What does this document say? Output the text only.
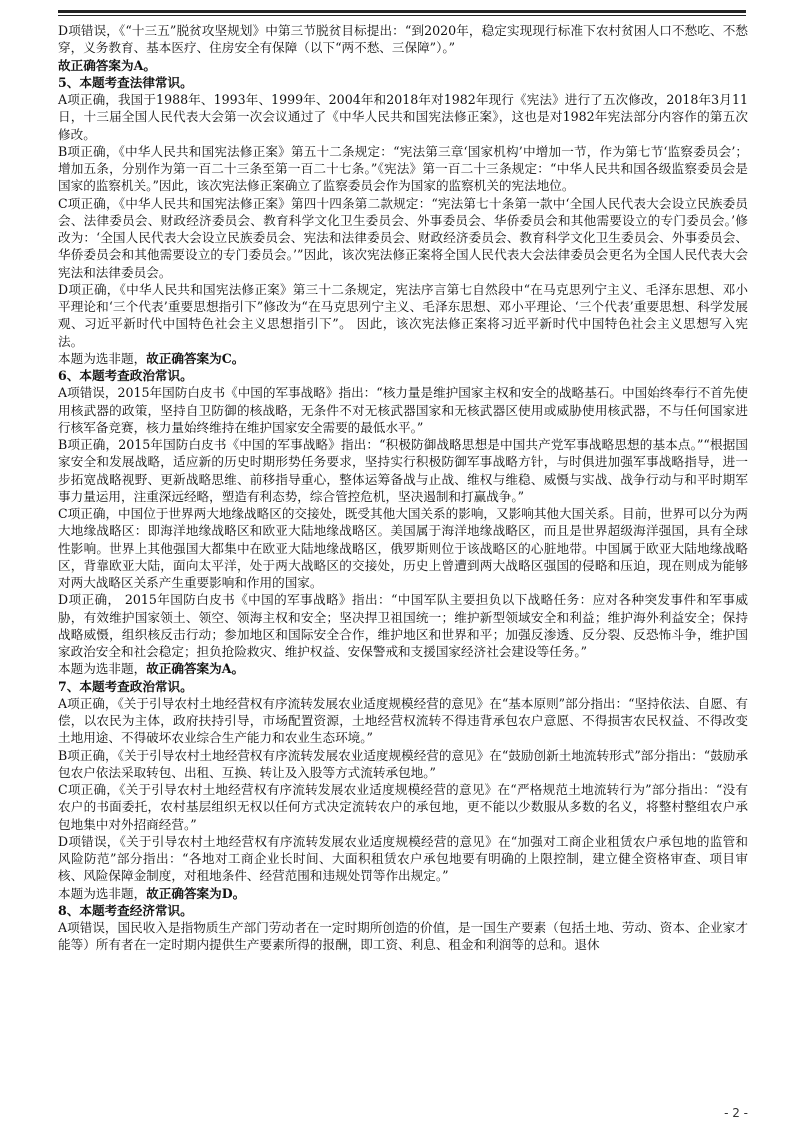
D项错误，《“十三五”脱贫攻坚规划》中第三节脱贫目标提出：“到2020年，稳定实现现行标准下农村贫困人口不愁吃、不愁穿，义务教育、基本医疗、住房安全有保障（以下“两不愁、三保障”）。”

故正确答案为A。

5、本题考查法律常识。

A项正确，我国于1988年、1993年、1999年、2004年和2018年对1982年现行《宪法》进行了五次修改，2018年3月11日，十三届全国人民代表大会第一次会议通过了《中华人民共和国宪法修正案》，这也是对1982年宪法部分内容作的第五次修改。

B项正确，《中华人民共和国宪法修正案》第五十二条规定：“宪法第三章‘国家机构’中增加一节，作为第七节‘监察委员会’；增加五条，分别作为第一百二十三条至第一百二十七条。”《宪法》第一百二十三条规定：“中华人民共和国各级监察委员会是国家的监察机关。”因此，该次宪法修正案确立了监察委员会作为国家的监察机关的宪法地位。

C项正确，《中华人民共和国宪法修正案》第四十四条第二款规定：“宪法第七十条第一款中‘全国人民代表大会设立民族委员会、法律委员会、财政经济委员会、教育科学文化卫生委员会、外事委员会、华侨委员会和其他需要设立的专门委员会。’修改为：‘全国人民代表大会设立民族委员会、宪法和法律委员会、财政经济委员会、教育科学文化卫生委员会、外事委员会、华侨委员会和其他需要设立的专门委员会。’”因此，该次宪法修正案将全国人民代表大会法律委员会更名为全国人民代表大会宪法和法律委员会。

D项正确，《中华人民共和国宪法修正案》第三十二条规定，宪法序言第七自然段中“在马克思列宁主义、毛泽东思想、邓小平理论和‘三个代表’重要思想指引下”修改为“在马克思列宁主义、毛泽东思想、邓小平理论、‘三个代表’重要思想、科学发展观、习近平新时代中国特色社会主义思想指引下”。 因此，该次宪法修正案将习近平新时代中国特色社会主义思想写入宪法。

本题为选非题，故正确答案为C。

6、本题考查政治常识。

A项错误，2015年国防白皮书《中国的军事战略》指出：“核力量是维护国家主权和安全的战略基石。中国始终奉行不首先使用核武器的政策，坚持自卫防御的核战略，无条件不对无核武器国家和无核武器区使用或威胁使用核武器，不与任何国家进行核军备竞赛，核力量始终维持在维护国家安全需要的最低水平。”

B项正确，2015年国防白皮书《中国的军事战略》指出：“积极防御战略思想是中国共产党军事战略思想的基本点。”“根据国家安全和发展战略，适应新的历史时期形势任务要求，坚持实行积极防御军事战略方针，与时俱进加强军事战略指导，进一步拓宽战略视野、更新战略思维、前移指导重心，整体运筹备战与止战、维权与维稳、威慑与实战、战争行动与和平时期军事力量运用，注重深远经略，塑造有利态势，综合管控危机，坚决遏制和打赢战争。”

C项正确，中国位于世界两大地缘战略区的交接处，既受其他大国关系的影响，又影响其他大国关系。目前，世界可以分为两大地缘战略区：即海洋地缘战略区和欧亚大陆地缘战略区。美国属于海洋地缘战略区，而且是世界超级海洋强国，具有全球性影响。世界上其他强国大都集中在欧亚大陆地缘战略区，俄罗斯则位于该战略区的心脏地带。中国属于欧亚大陆地缘战略区，背靠欧亚大陆，面向太平洋，处于两大战略区的交接处，历史上曾遭到两大战略区强国的侵略和压迫，现在则成为能够对两大战略区关系产生重要影响和作用的国家。

D项正确， 2015年国防白皮书《中国的军事战略》指出：“中国军队主要担负以下战略任务：应对各种突发事件和军事威胁，有效维护国家领土、领空、领海主权和安全；坚决捍卫祖国统一；维护新型领域安全和利益；维护海外利益安全；保持战略威慑，组织核反击行动；参加地区和国际安全合作，维护地区和世界和平；加强反渗透、反分裂、反恐怖斗争，维护国家政治安全和社会稳定；担负抢险救灾、维护权益、安保警戒和支援国家经济社会建设等任务。”

本题为选非题，故正确答案为A。

7、本题考查政治常识。

A项正确，《关于引导农村土地经营权有序流转发展农业适度规模经营的意见》在“基本原则”部分指出：“坚持依法、自愿、有偿，以农民为主体，政府扶持引导，市场配置资源，土地经营权流转不得违背承包农户意愿、不得损害农民权益、不得改变土地用途、不得破坏农业综合生产能力和农业生态环境。”

B项正确，《关于引导农村土地经营权有序流转发展农业适度规模经营的意见》在“鼓励创新土地流转形式”部分指出：“鼓励承包农户依法采取转包、出租、互换、转让及入股等方式流转承包地。”

C项正确，《关于引导农村土地经营权有序流转发展农业适度规模经营的意见》在“严格规范土地流转行为”部分指出：“没有农户的书面委托，农村基层组织无权以任何方式决定流转农户的承包地，更不能以少数服从多数的名义，将整村整组农户承包地集中对外招商经营。”

D项错误，《关于引导农村土地经营权有序流转发展农业适度规模经营的意见》在“加强对工商企业租赁农户承包地的监管和风险防范”部分指出：“各地对工商企业长时间、大面积租赁农户承包地要有明确的上限控制，建立健全资格审查、项目审核、风险保障金制度，对租地条件、经营范围和违规处罚等作出规定。”

本题为选非题，故正确答案为D。

8、本题考查经济常识。

A项错误，国民收入是指物质生产部门劳动者在一定时期所创造的价值，是一国生产要素（包括土地、劳动、资本、企业家才能等）所有者在一定时期内提供生产要素所得的报酬，即工资、利息、租金和利润等的总和。退休

- 2 -
